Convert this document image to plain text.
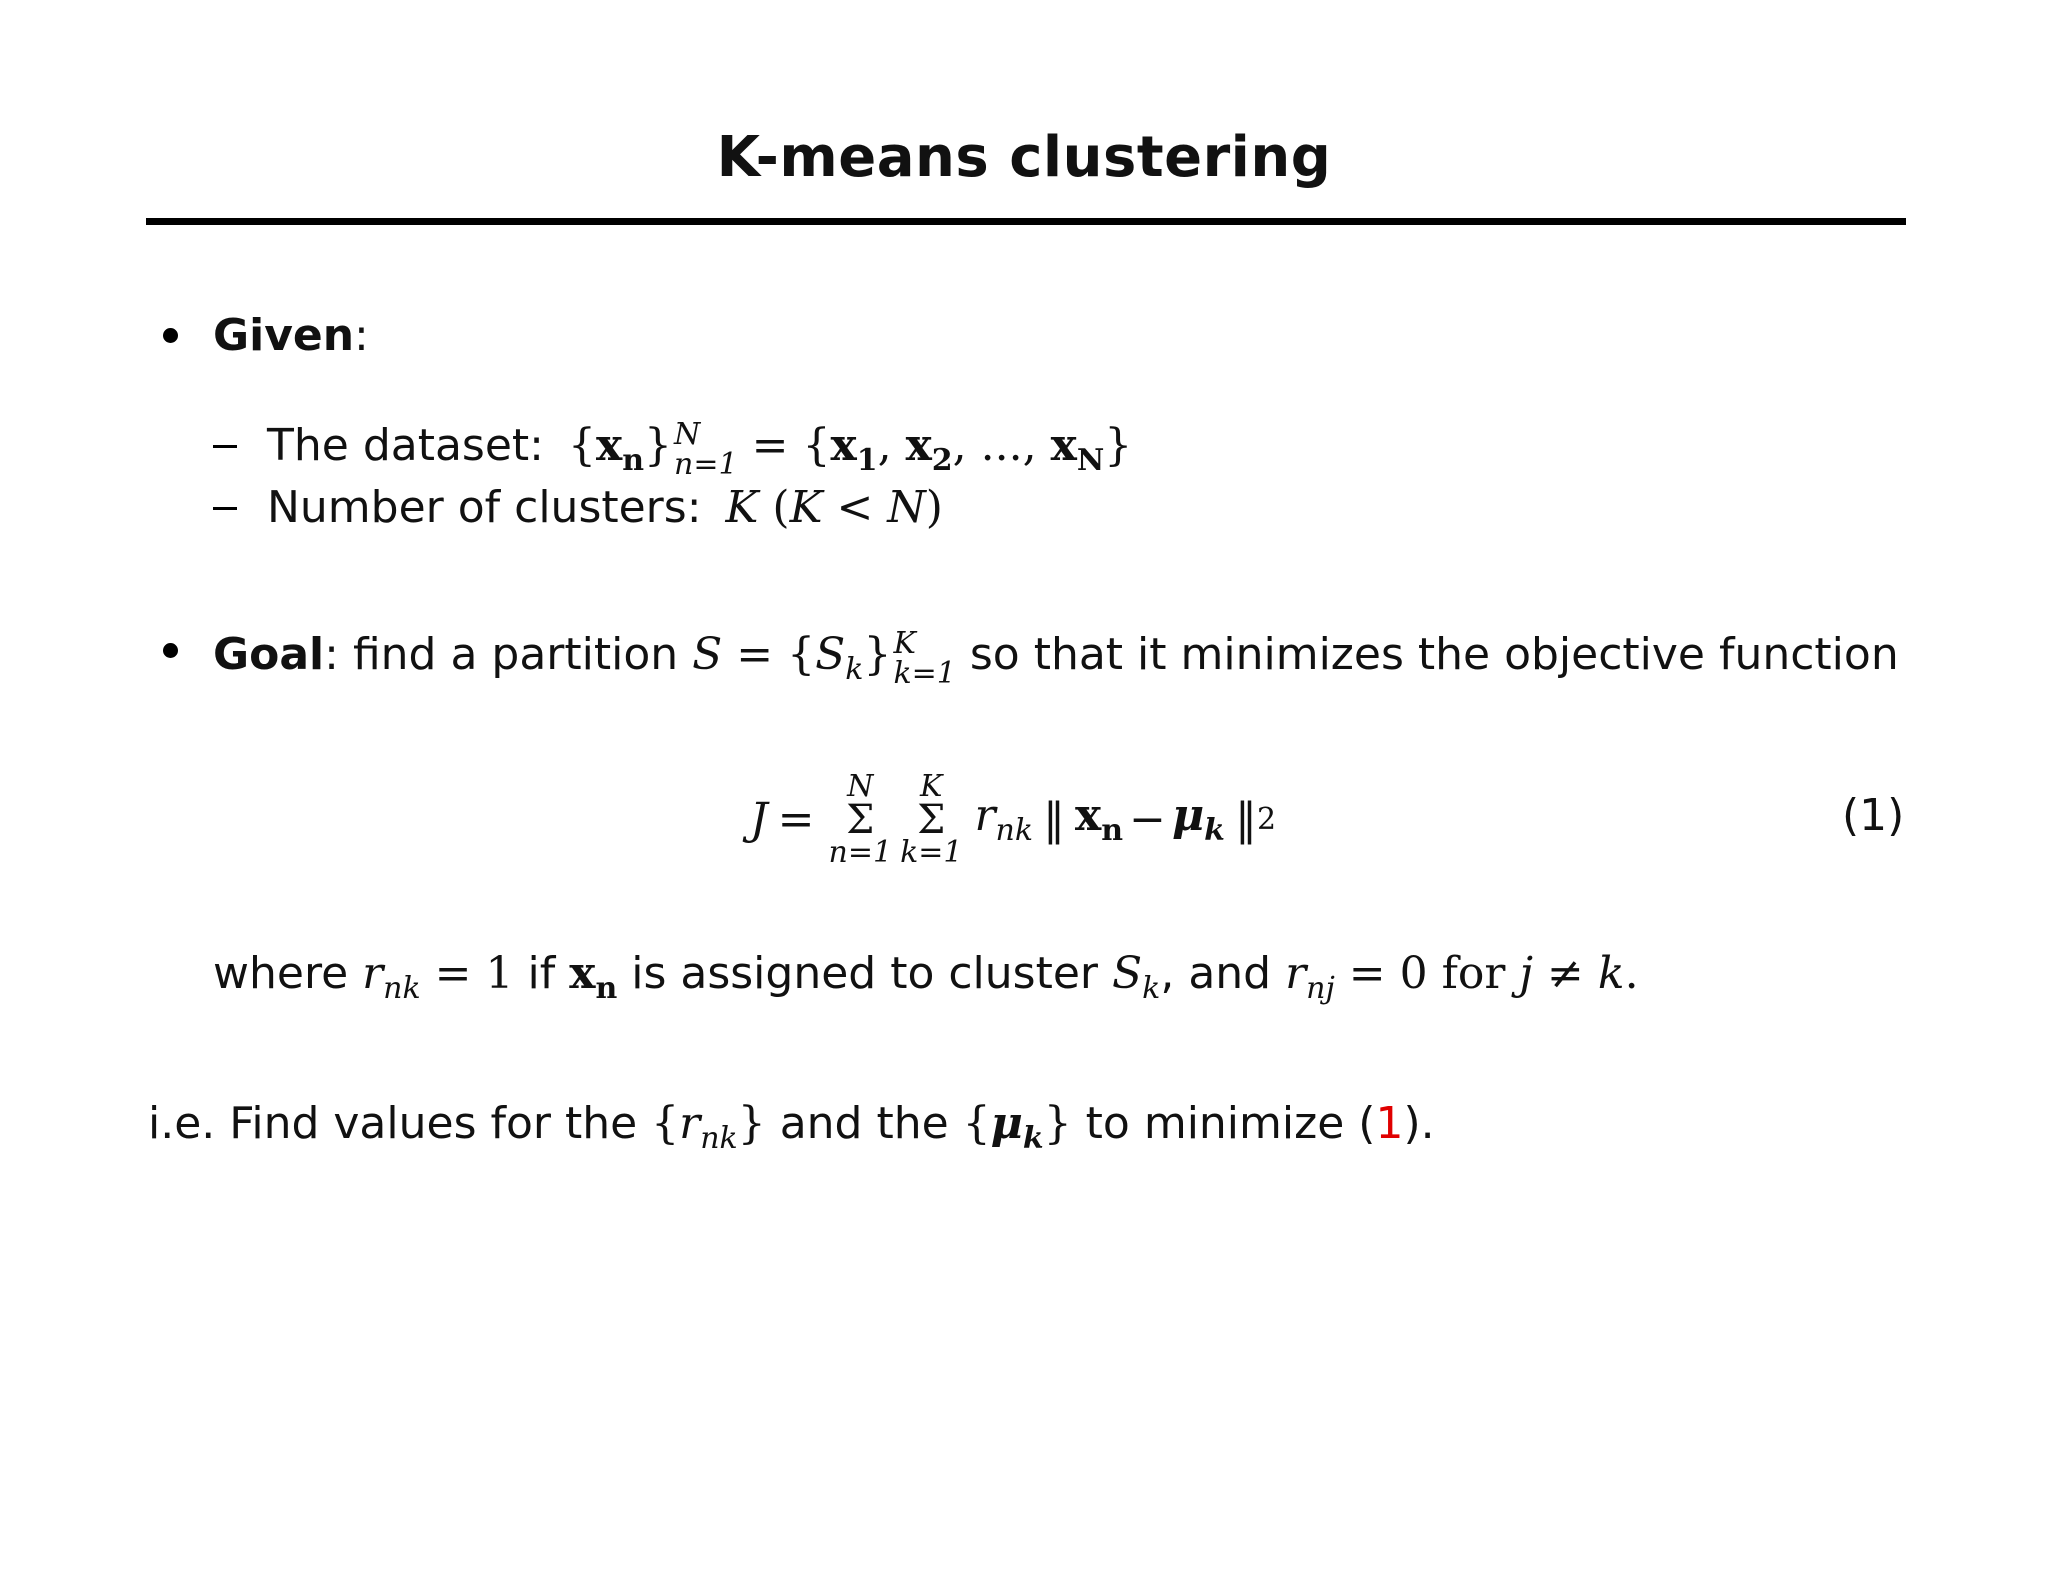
K-means clustering
Given:
The dataset: $\{x_n\}$ N
$n=1 = \{x_1$, $x_2$, ..., $x_N$}
Number of clusters: K (K < N)
Goal: find a partition $S = \{S_k\}$ K
k=1 so that it minimizes the objective function
J =
N
Σ
n=1
K
Σ
k=1
$r_{nk}$ ‖ $x_n - \mu_k$ ‖ 2	(1)
where $r_{nk} = 1$ if $x_n$ is assigned to cluster $S_k$, and $r_{nj} = 0$ for j ≠ k.
i.e. Find values for the $\{r_{nk}\}$ and the $\{\mu_k\}$ to minimize (1).
